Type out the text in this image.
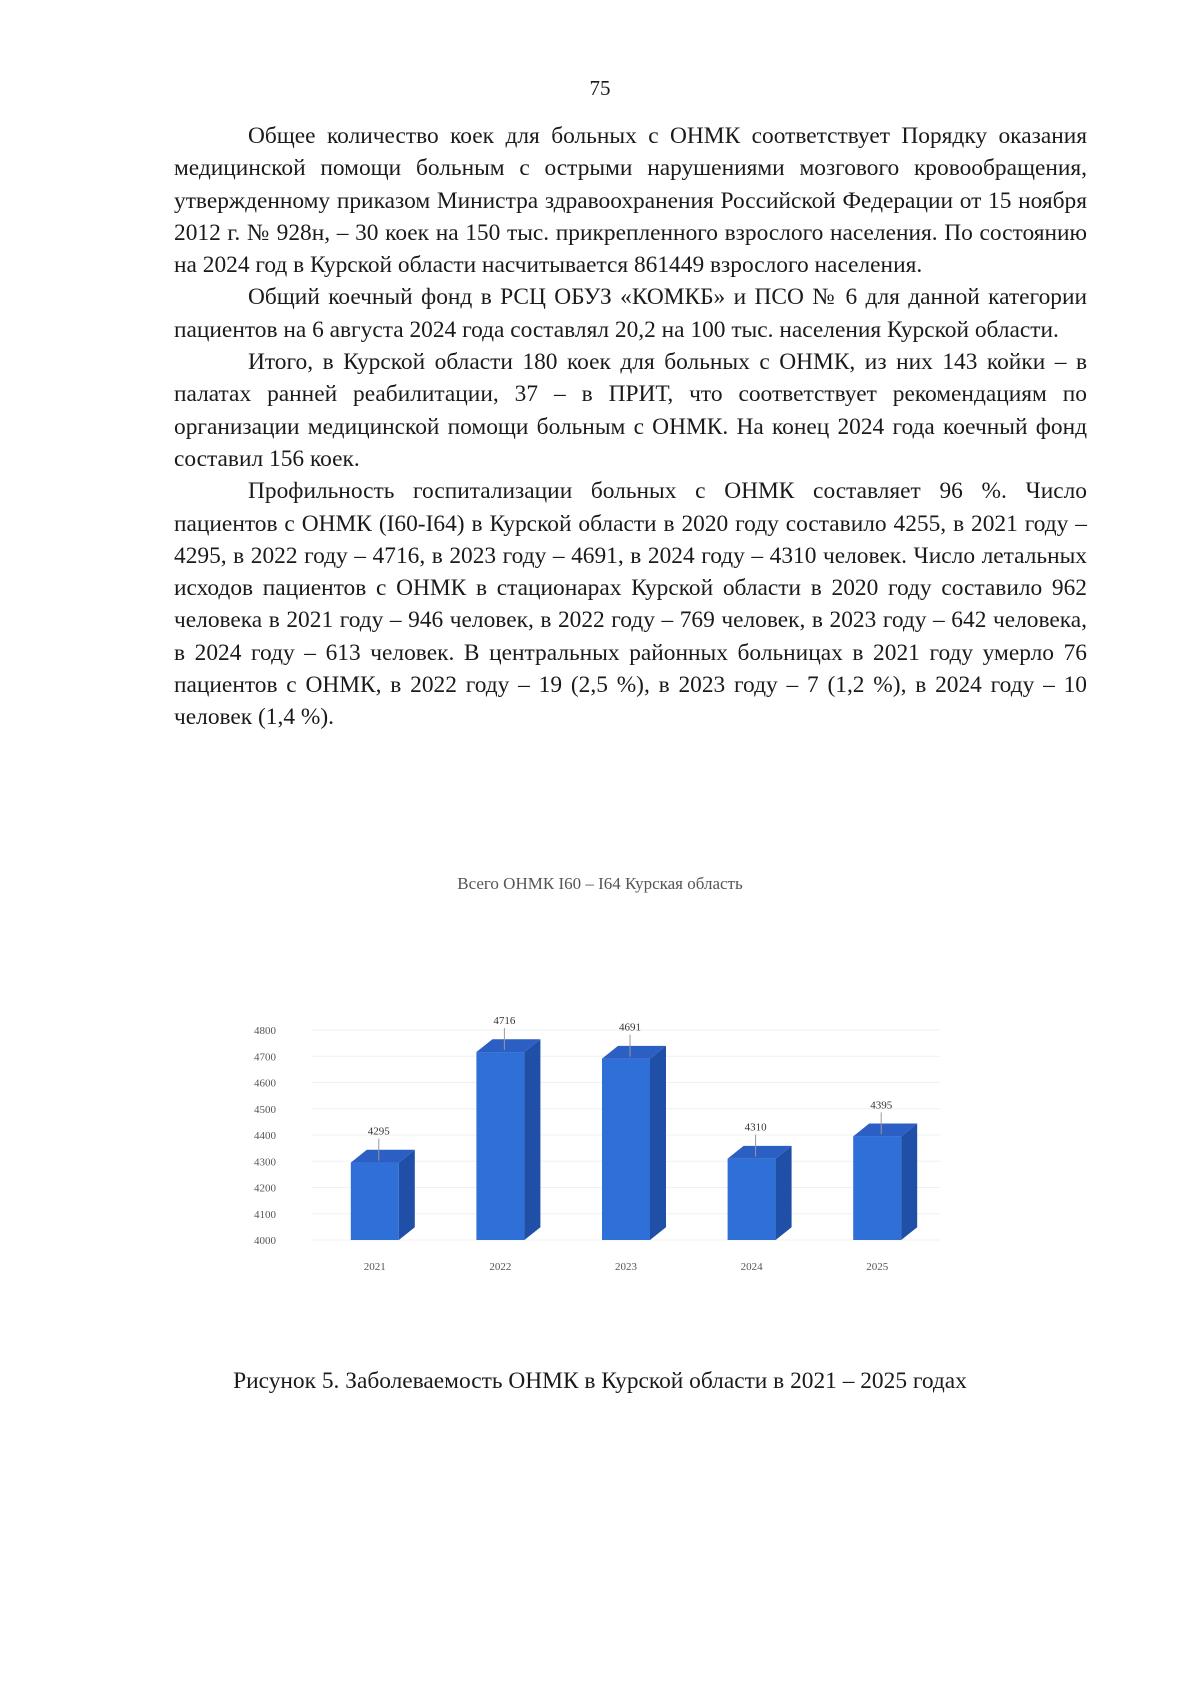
75

Общее количество коек для больных с ОНМК соответствует Порядку оказания медицинской помощи больным с острыми нарушениями мозгового кровообращения, утвержденному приказом Министра здравоохранения Российской Федерации от 15 ноября 2012 г. № 928н, – 30 коек на 150 тыс. прикрепленного взрослого населения. По состоянию на 2024 год в Курской области насчитывается 861449 взрослого населения.

Общий коечный фонд в РСЦ ОБУЗ «КОМКБ» и ПСО № 6 для данной категории пациентов на 6 августа 2024 года составлял 20,2 на 100 тыс. населения Курской области.

Итого, в Курской области 180 коек для больных с ОНМК, из них 143 койки – в палатах ранней реабилитации, 37 – в ПРИТ, что соответствует рекомендациям по организации медицинской помощи больным с ОНМК. На конец 2024 года коечный фонд составил 156 коек.

Профильность госпитализации больных с ОНМК составляет 96 %. Число пациентов с ОНМК (I60-I64) в Курской области в 2020 году составило 4255, в 2021 году – 4295, в 2022 году – 4716, в 2023 году – 4691, в 2024 году – 4310 человек. Число летальных исходов пациентов с ОНМК в стационарах Курской области в 2020 году составило 962 человека в 2021 году – 946 человек, в 2022 году – 769 человек, в 2023 году – 642 человека, в 2024 году – 613 человек. В центральных районных больницах в 2021 году умерло 76 пациентов с ОНМК, в 2022 году – 19 (2,5 %), в 2023 году – 7 (1,2 %), в 2024 году – 10 человек (1,4 %).

Всего ОНМК I60 – I64 Курская область
4000
4100
4200
4300
4400
4500
4600
4700
4800
4295
2021
4716
2022
4691
2023
4310
2024
4395
2025
Рисунок 5. Заболеваемость ОНМК в Курской области в 2021 – 2025 годах
